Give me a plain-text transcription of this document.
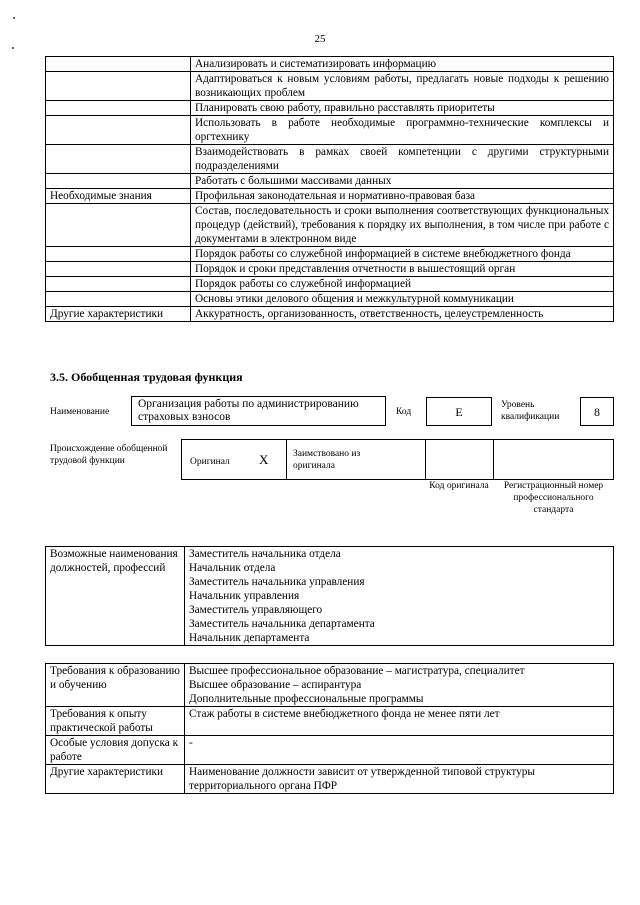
25
	Анализировать и систематизировать информацию
	Адаптироваться к новым условиям работы, предлагать новые подходы к решению возникающих проблем
	Планировать свою работу, правильно расставлять приоритеты
	Использовать в работе необходимые программно-технические комплексы и оргтехнику
	Взаимодействовать в рамках своей компетенции с другими структурными подразделениями
	Работать с большими массивами данных
Необходимые знания	Профильная законодательная и нормативно-правовая база
	Состав, последовательность и сроки выполнения соответствующих функциональных процедур (действий), требования к порядку их выполнения, в том числе при работе с документами в электронном виде
	Порядок работы со служебной информацией в системе внебюджетного фонда
	Порядок и сроки представления отчетности в вышестоящий орган
	Порядок работы со служебной информацией
	Основы этики делового общения и межкультурной коммуникации
Другие характеристики	Аккуратность, организованность, ответственность, целеустремленность
3.5. Обобщенная трудовая функция
Наименование
Организация работы по администрированию страховых взносов	Код	E	Уровень квалификации	8
Происхождение обобщенной трудовой функции	Оригинал X	Заимствовано из оригинала
Код оригинала	Регистрационный номер профессионального стандарта
Возможные наименования должностей, профессий	Заместитель начальника отдела
Начальник отдела
Заместитель начальника управления
Начальник управления
Заместитель управляющего
Заместитель начальника департамента
Начальник департамента
Требования к образованию и обучению	Высшее профессиональное образование – магистратура, специалитет
Высшее образование – аспирантура
Дополнительные профессиональные программы

Требования к опыту практической работы	Стаж работы в системе внебюджетного фонда не менее пяти лет

Особые условия допуска к работе	-

Другие характеристики	Наименование должности зависит от утвержденной типовой структуры территориального органа ПФР
